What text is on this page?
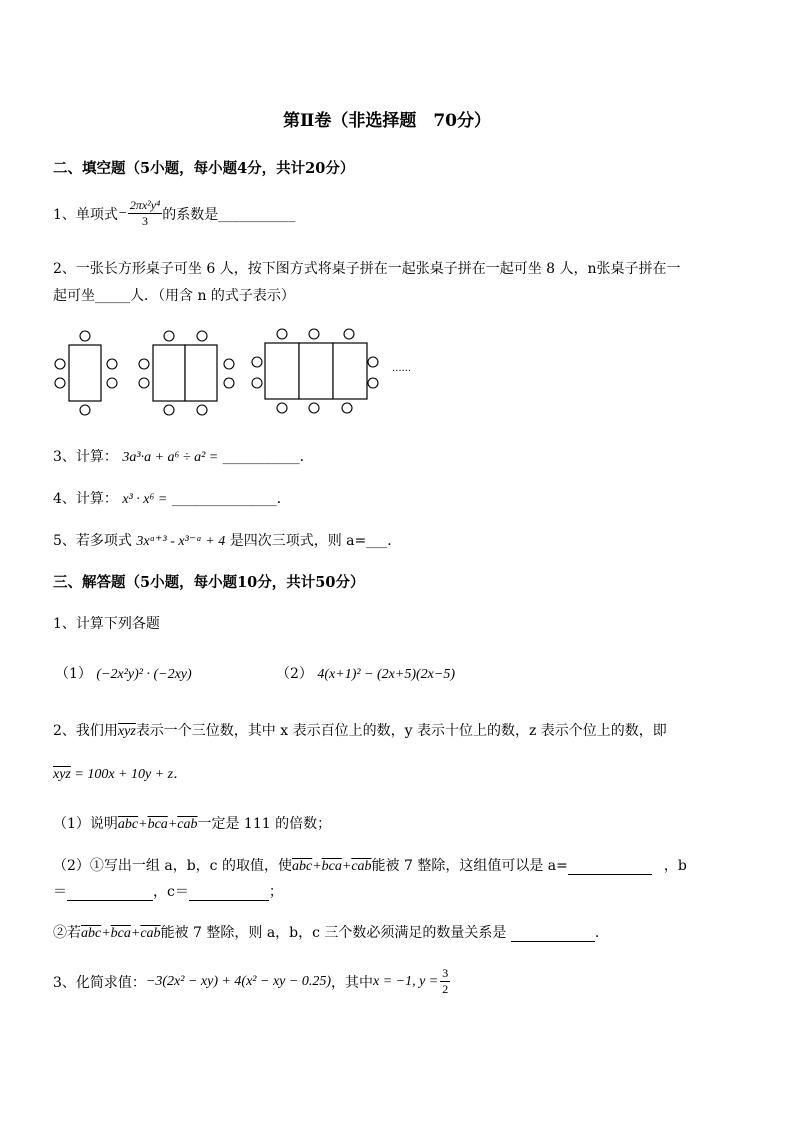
第Ⅱ卷（非选择题　70分）
二、填空题（5小题，每小题4分，共计20分）
1、单项式 − $\frac{\text{2πx²y⁴}}{3}$ 的系数是___________
2、一张长方形桌子可坐 6 人，按下图方式将桌子拼在一起张桌子拼在一起可坐 8 人，n张桌子拼在一
起可坐_____人．（用含 n 的式子表示）
······
3、计算： 3a³·a + a⁶ ÷ a² = ___________．
4、计算： x³ · x⁶ = _______________．
5、若多项式 3xᵃ⁺³ - x³⁻ᵃ + 4 是四次三项式，则 a=___．
三、解答题（5小题，每小题10分，共计50分）
1、计算下列各题
（1） (−2x²y)² · (−2xy)	（2） 4(x+1)² − (2x+5)(2x−5)
2、我们用$\overline{xyz}$表示一个三位数，其中 x 表示百位上的数，y 表示十位上的数，z 表示个位上的数，即
$\overline{xyz} = 100x + 10y + z$．
（1）说明$\overline{abc}+\overline{bca}+\overline{cab}$一定是 111 的倍数；
（2）①写出一组 a，b，c 的取值，使$\overline{abc}+\overline{bca}+\overline{cab}$能被 7 整除，这组值可以是 a=	，b
＝	，c＝	；
②若$\overline{abc}+\overline{bca}+\overline{cab}$能被 7 整除，则 a，b，c 三个数必须满足的数量关系是	．
3、化简求值： −3(2x² − xy) + 4(x² − xy − 0.25) ，其中 x = −1, $y = \frac{3}{2}$
